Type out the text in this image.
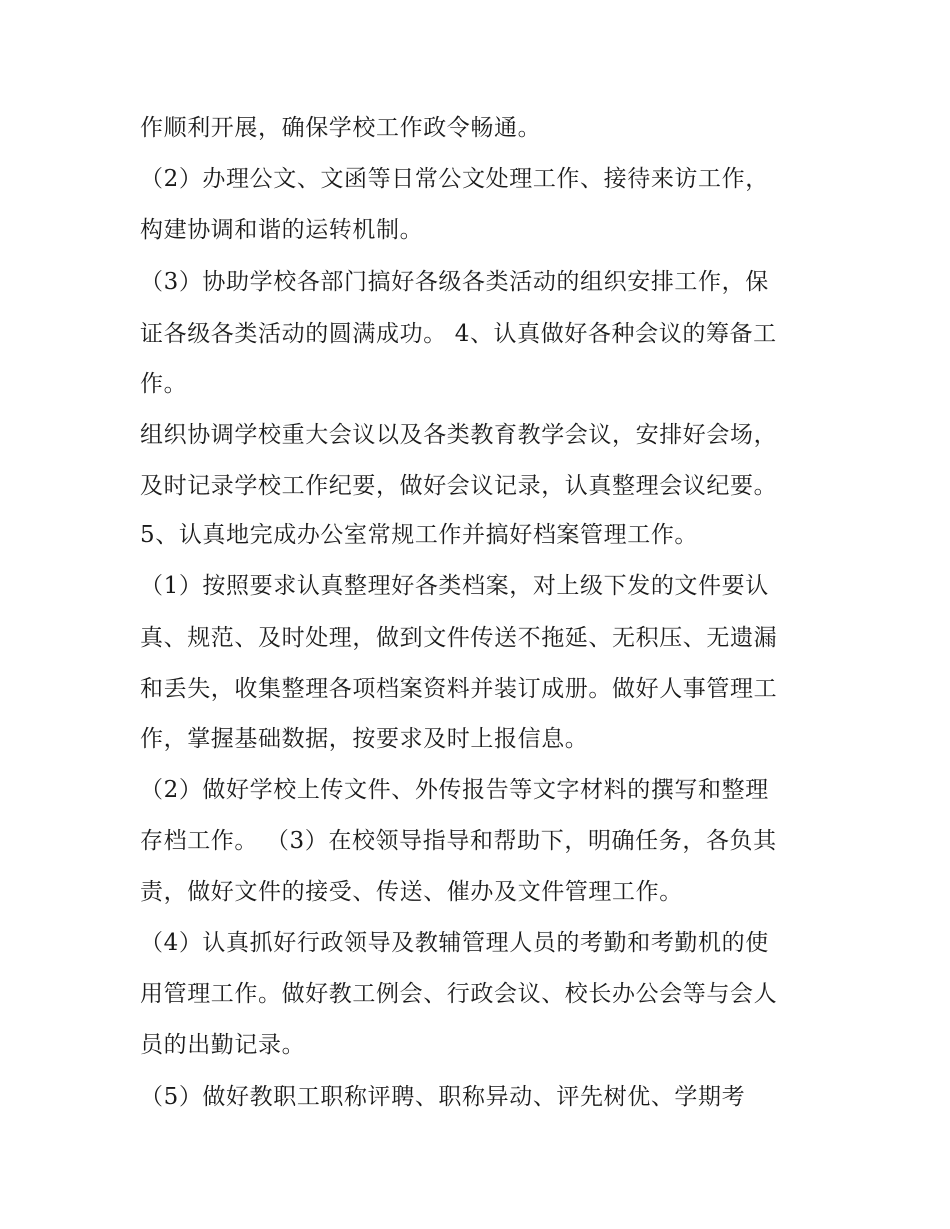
作顺利开展，确保学校工作政令畅通。
（2）办理公文、文函等日常公文处理工作、接待来访工作，
构建协调和谐的运转机制。
（3）协助学校各部门搞好各级各类活动的组织安排工作，保
证各级各类活动的圆满成功。 4、认真做好各种会议的筹备工
作。
组织协调学校重大会议以及各类教育教学会议，安排好会场，
及时记录学校工作纪要，做好会议记录，认真整理会议纪要。
5、认真地完成办公室常规工作并搞好档案管理工作。
（1）按照要求认真整理好各类档案，对上级下发的文件要认
真、规范、及时处理，做到文件传送不拖延、无积压、无遗漏
和丢失，收集整理各项档案资料并装订成册。做好人事管理工
作，掌握基础数据，按要求及时上报信息。
（2）做好学校上传文件、外传报告等文字材料的撰写和整理
存档工作。 （3）在校领导指导和帮助下，明确任务，各负其
责，做好文件的接受、传送、催办及文件管理工作。
（4）认真抓好行政领导及教辅管理人员的考勤和考勤机的使
用管理工作。做好教工例会、行政会议、校长办公会等与会人
员的出勤记录。
（5）做好教职工职称评聘、职称异动、评先树优、学期考
